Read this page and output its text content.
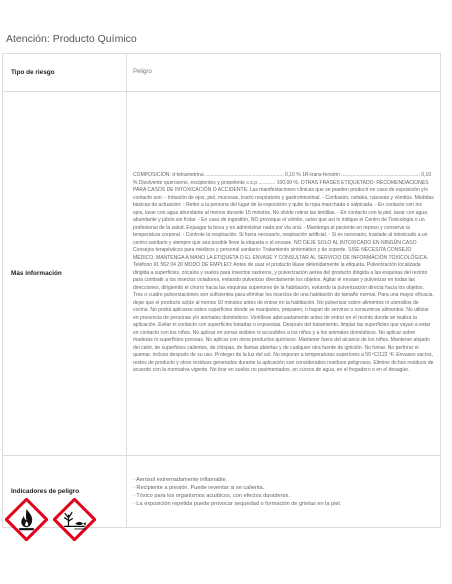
Atención: Producto Químico
Tipo de riesgo	Peligro
Más información	COMPOSICION: d-tetrametrina ........................................................ 0,10 % 1R-trans-fenotrin ........................................................ 0,10 % Disolvente queroseno, excipientes y propelente c.s.p ............ 100,00 %. OTRAS FRASES ETIQUETADO: RECOMENDACIONES PARA CASOS DE INTOXICACIÓN O ACCIDENTE: Las manifestaciones clínicas que se pueden producir en caso de exposición y/o contacto son: - Irritación de ojos, piel, mucosas, tracto respiratorio y gastrointestinal. - Confusión, cefalea, náuseas y vómitos. Medidas básicas de actuación: - Retire a la persona del lugar de la exposición y quite la ropa manchada o salpicada. - En contacto con los ojos, lavar con agua abundante al menos durante 15 minutos. No olvide retirar las lentillas. - En contacto con la piel, lavar con agua abundante y jabón sin frotar. - En caso de ingestión, NO provoque el vómito, salvo que así lo indique el Centro de Toxicología o un profesional de la salud. Enjuagar la boca y no administrar nada por vía oral. - Mantenga al paciente en reposo y conserve la temperatura corporal. - Controle la respiración. Si fuera necesario, respiración artificial. - Si es necesario, traslade al intoxicado a un centro sanitario y siempre que sea posible lleve la etiqueta o el envase. NO DEJE SOLO AL INTOXICADO EN NINGÚN CASO Consejos terapéuticos para médicos y personal sanitario: Tratamiento sintomático y de soporte. SISE NECESITA CONSEJO MÉDICO, MANTENGA A MANO LA ETIQUETA O EL ENVASE Y CONSULTAR AL SERVICIO DE INFORMACIÓN TOXICOLÓGICA. Teléfono 91 562 04 20 MODO DE EMPLEO: Antes de usar el producto léase detenidamente la etiqueta. Pulverización localizada dirigida a superficies, zócalos y suelos para insectos rastreros, y pulverización aérea del producto dirigida a las esquinas del recinto para combatir a los insectos voladores, evitando pulverizar directamente los objetos. Agitar el envase y pulverizar en todas las direcciones, dirigiendo el chorro hacia las esquinas superiores de la habitación, evitando la pulverización directa hacia los objetos. Tres o cuatro pulverizaciones son suficientes para eliminar los insectos de una habitación de tamaño normal. Para una mayor eficacia, dejar que el producto actúe al menos 10 minutos antes de entrar en la habitación. No pulverizar sobre alimentos ni utensilios de cocina. No podrá aplicarse sobre superficies donde se manipulen, preparen, o hayan de servirse o consumirse alimentos. No utilizar en presencia de personas y/o animales domésticos. Ventílese adecuadamente antes de entrar en el recinto donde se realiza la aplicación. Evitar el contacto con superficies tratadas o expuestas. Después del tratamiento, limpiar las superficies que vayan a estar en contacto con los niños. No aplicar en zonas visibles ni accesibles a los niños y a los animales domésticos. No aplicar sobre maderas ni superficies porosas. No aplicar con otros productos químicos. Mantener fuera del alcance de los niños. Mantener alejado del calor, de superficies calientes, de chispas, de llamas abiertas y de cualquier otra fuente de ignición. No fumar. No perforar ni quemar, incluso después de su uso. Proteger de la luz del sol. No exponer a temperaturas superiores a 50 ºC/122 ºF. Envases vacíos, restos de producto y otros residuos generados durante la aplicación son considerados residuos peligrosos. Elimine dichos residuos de acuerdo con la normativa vigente. No tirar en suelos no pavimentados, en cursos de agua, en el fregadero o en el desagüe.
Indicadores de peligro	· Aerosol extremadamente inflamable.
· Recipiente a presión. Puede reventar si se calienta.
· Tóxico para los organismos acuáticos, con efectos duraderos.
· La exposición repetida puede provocar sequedad o formación de grietas en la piel.
